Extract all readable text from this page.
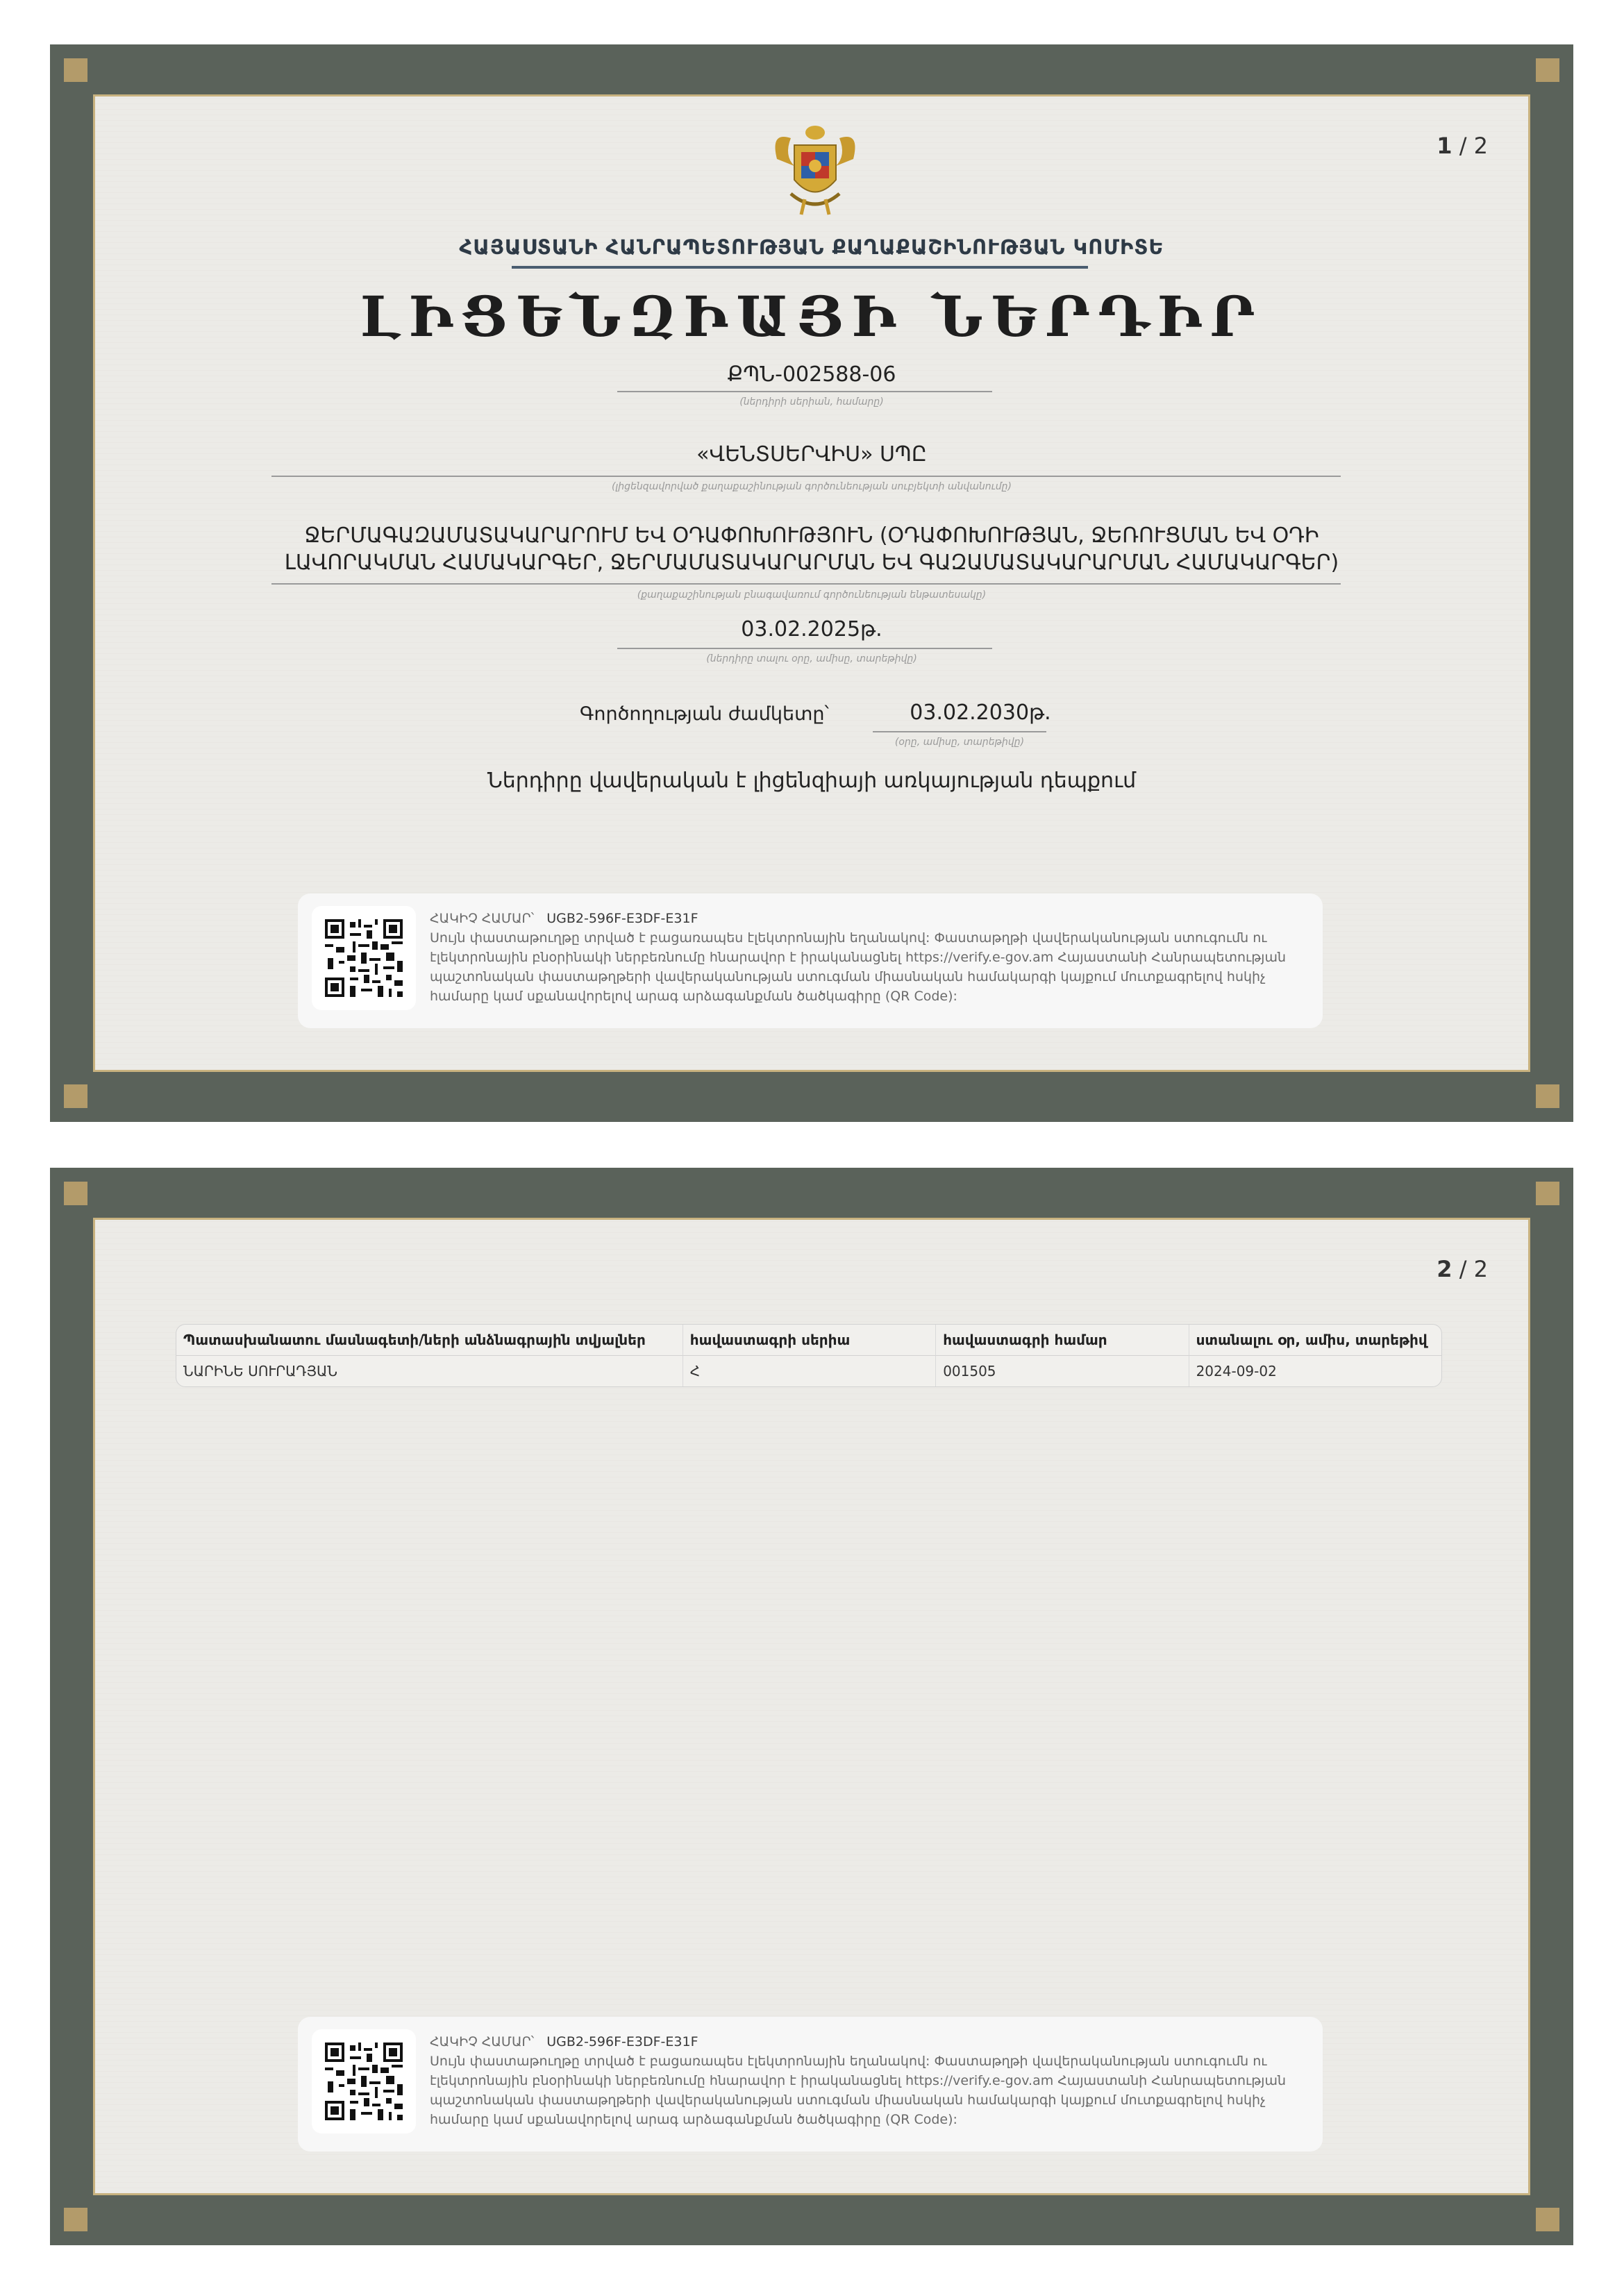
1 / 2
ՀԱՅԱՍՏԱՆԻ ՀԱՆՐԱՊԵՏՈՒԹՅԱՆ ՔԱՂԱՔԱՇԻՆՈՒԹՅԱՆ ԿՈՄԻՏԵ
ԼԻՑԵՆԶԻԱՅԻ ՆԵՐԴԻՐ
ՔՊՆ-002588-06
(ներդիրի սերիան, համարը)
«ՎԵՆՏՍԵՐՎԻՍ» ՍՊԸ
(լիցենզավորված քաղաքաշինության գործունեության սուբյեկտի անվանումը)
ՋԵՐՄԱԳԱԶԱՄԱՏԱԿԱՐԱՐՈՒՄ ԵՎ ՕԴԱՓՈԽՈՒԹՅՈՒՆ (ՕԴԱՓՈԽՈՒԹՅԱՆ, ՋԵՌՈՒՑՄԱՆ ԵՎ ՕԴԻ
ԼԱՎՈՐԱԿՄԱՆ ՀԱՄԱԿԱՐԳԵՐ, ՋԵՐՄԱՄԱՏԱԿԱՐԱՐՄԱՆ ԵՎ ԳԱԶԱՄԱՏԱԿԱՐԱՐՄԱՆ ՀԱՄԱԿԱՐԳԵՐ)
(քաղաքաշինության բնագավառում գործունեության ենթատեսակը)
03.02.2025թ.
(ներդիրը տալու օրը, ամիսը, տարեթիվը)
Գործողության ժամկետը՝	03.02.2030թ.
(օրը, ամիսը, տարեթիվը)
Ներդիրը վավերական է լիցենզիայի առկայության դեպքում
ՀԱԿԻՉ ՀԱՄԱՐ՝ UGB2-596F-E3DF-E31F
Սույն փաստաթուղթը տրված է բացառապես էլեկտրոնային եղանակով: Փաստաթղթի վավերականության ստուգումն ու
էլեկտրոնային բնօրինակի ներբեռնումը հնարավոր է իրականացնել https://verify.e-gov.am Հայաստանի Հանրապետության
պաշտոնական փաստաթղթերի վավերականության ստուգման միասնական համակարգի կայքում մուտքագրելով հսկիչ
համարը կամ սքանավորելով արագ արձագանքման ծածկագիրը (QR Code):
2 / 2
Պատասխանատու մասնագետի/ների անձնագրային տվյալներ	հավաստագրի սերիա	հավաստագրի համար	ստանալու օր, ամիս, տարեթիվ
ՆԱՐԻՆԵ ՍՈՒՐԱԴՅԱՆ	Հ	001505	2024-09-02
ՀԱԿԻՉ ՀԱՄԱՐ՝ UGB2-596F-E3DF-E31F
Սույն փաստաթուղթը տրված է բացառապես էլեկտրոնային եղանակով: Փաստաթղթի վավերականության ստուգումն ու
էլեկտրոնային բնօրինակի ներբեռնումը հնարավոր է իրականացնել https://verify.e-gov.am Հայաստանի Հանրապետության
պաշտոնական փաստաթղթերի վավերականության ստուգման միասնական համակարգի կայքում մուտքագրելով հսկիչ
համարը կամ սքանավորելով արագ արձագանքման ծածկագիրը (QR Code):
